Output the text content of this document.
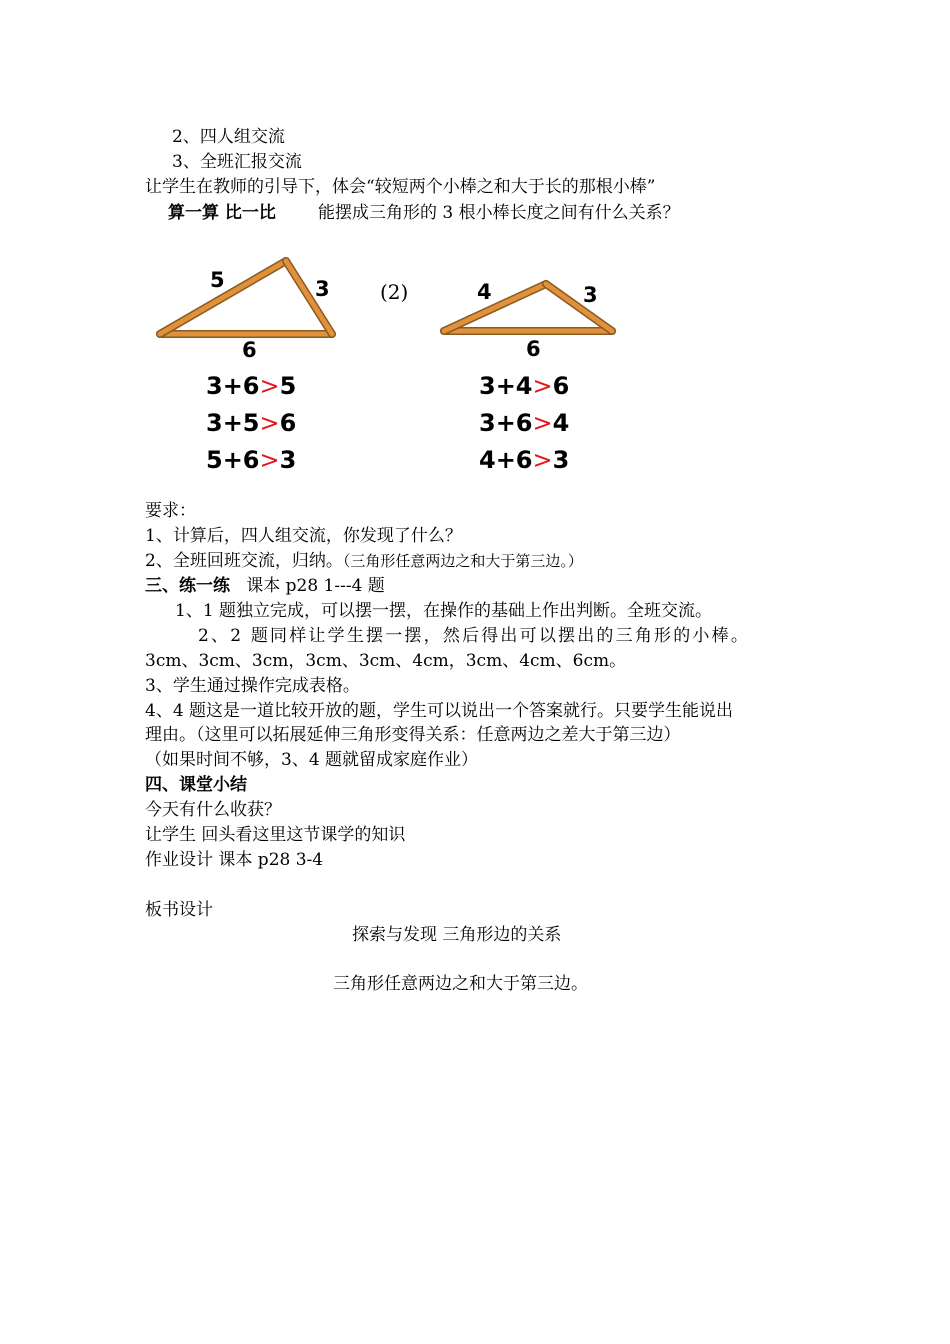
2、四人组交流
3、全班汇报交流
让学生在教师的引导下，体会“较短两个小棒之和大于长的那根小棒”
算一算 比一比 能摆成三角形的 3 根小棒长度之间有什么关系？
5	3
6
(2)	4	3
6
3+6>5
3+5>6
5+6>3
3+4>6
3+6>4
4+6>3
要求：
1、计算后，四人组交流，你发现了什么？
2、全班回班交流，归纳。（三角形任意两边之和大于第三边。）
三、练一练 课本 p28 1---4 题
1、1 题独立完成，可以摆一摆，在操作的基础上作出判断。全班交流。
2、2 题同样让学生摆一摆，然后得出可以摆出的三角形的小棒。
3cm、3cm、3cm，3cm、3cm、4cm，3cm、4cm、6cm。
3、学生通过操作完成表格。
4、4 题这是一道比较开放的题，学生可以说出一个答案就行。只要学生能说出
理由。（这里可以拓展延伸三角形变得关系：任意两边之差大于第三边）
（如果时间不够，3、4 题就留成家庭作业）
四、课堂小结
今天有什么收获？
让学生 回头看这里这节课学的知识
作业设计 课本 p28 3-4
板书设计
探索与发现 三角形边的关系
三角形任意两边之和大于第三边。
